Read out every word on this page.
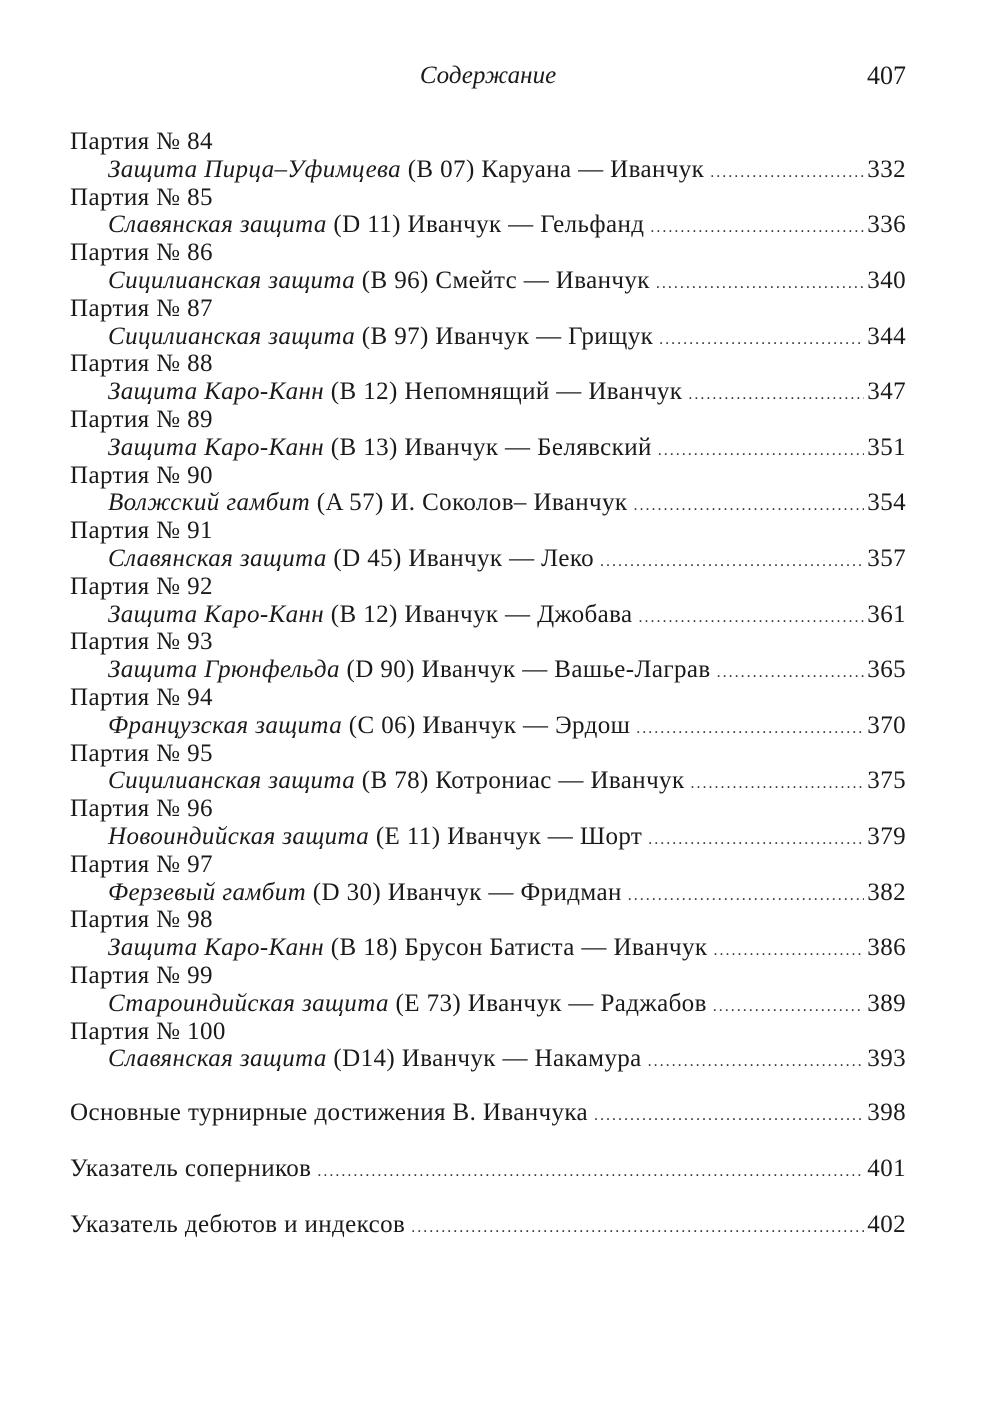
Содержание	407
Партия № 84
Защита Пирца–Уфимцева
(B 07) Каруана — Иванчук .....	332
Партия № 85
Славянская защита
(D 11) Иванчук — Гельфанд .....	336
Партия № 86
Сицилианская защита
(B 96) Смейтс — Иванчук .....	340
Партия № 87
Сицилианская защита
(B 97) Иванчук — Грищук .....	344
Партия № 88
Защита Каро-Канн
(B 12) Непомнящий — Иванчук .....	347
Партия № 89
Защита Каро-Канн
(B 13) Иванчук — Белявский .....	351
Партия № 90
Волжский гамбит
(A 57) И. Соколов– Иванчук .....	354
Партия № 91
Славянская защита
(D 45) Иванчук — Леко .....	357
Партия № 92
Защита Каро-Канн
(B 12) Иванчук — Джобава .....	361
Партия № 93
Защита Грюнфельда
(D 90) Иванчук — Вашье-Лаграв .....	365
Партия № 94
Французская защита
(C 06) Иванчук — Эрдош .....	370
Партия № 95
Сицилианская защита
(B 78) Котрониас — Иванчук .....	375
Партия № 96
Новоиндийская защита
(E 11) Иванчук — Шорт .....	379
Партия № 97
Ферзевый гамбит
(D 30) Иванчук — Фридман .....	382
Партия № 98
Защита Каро-Канн
(B 18) Брусон Батиста — Иванчук .....	386
Партия № 99
Староиндийская защита
(E 73) Иванчук — Раджабов .....	389
Партия № 100
Славянская защита
(D14) Иванчук — Накамура .....	393
Основные турнирные достижения В. Иванчука .....	398
Указатель соперников .....	401
Указатель дебютов и индексов .....	402
